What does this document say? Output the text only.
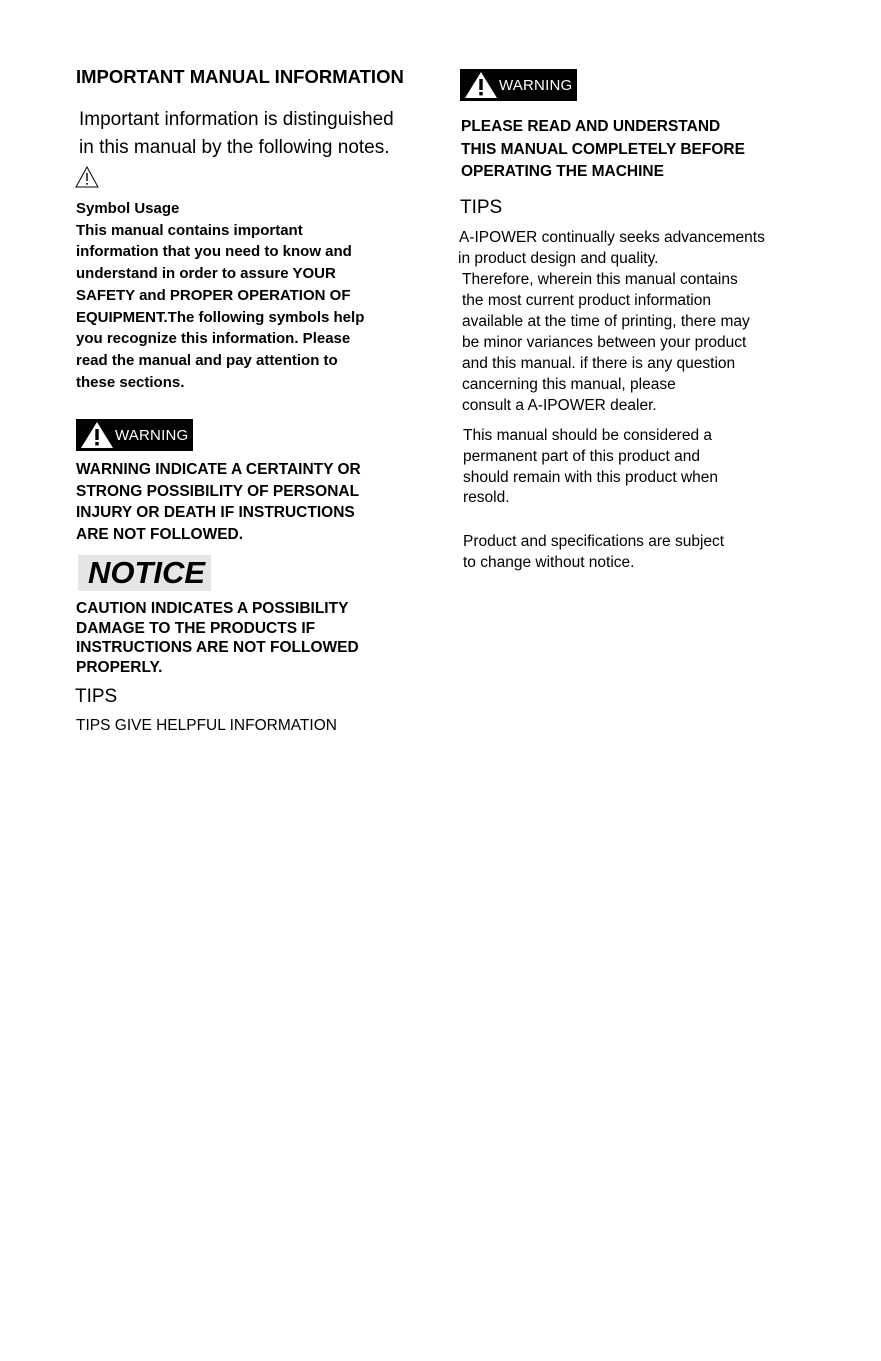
IMPORTANT MANUAL INFORMATION
Important information is distinguished
in this manual by the following notes.
Symbol Usage
This manual contains important
information that you need to know and
understand in order to assure YOUR
SAFETY and PROPER OPERATION OF
EQUIPMENT.The following symbols help
you recognize this information. Please
read the manual and pay attention to
these sections.
WARNING
WARNING INDICATE A CERTAINTY OR
STRONG POSSIBILITY OF PERSONAL
INJURY OR DEATH IF INSTRUCTIONS
ARE NOT FOLLOWED.
NOTICE
CAUTION INDICATES A POSSIBILITY
DAMAGE TO THE PRODUCTS IF
INSTRUCTIONS ARE NOT FOLLOWED
PROPERLY.
TIPS
TIPS GIVE HELPFUL INFORMATION
WARNING
PLEASE READ AND UNDERSTAND
THIS MANUAL COMPLETELY BEFORE
OPERATING THE MACHINE
TIPS
A-IPOWER continually seeks advancements
in product design and quality.
Therefore, wherein this manual contains
the most current product information
available at the time of printing, there may
be minor variances between your product
and this manual. if there is any question
cancerning this manual, please
consult a A-IPOWER dealer.
This manual should be considered a
permanent part of this product and
should remain with this product when
resold.
Product and specifications are subject
to change without notice.
